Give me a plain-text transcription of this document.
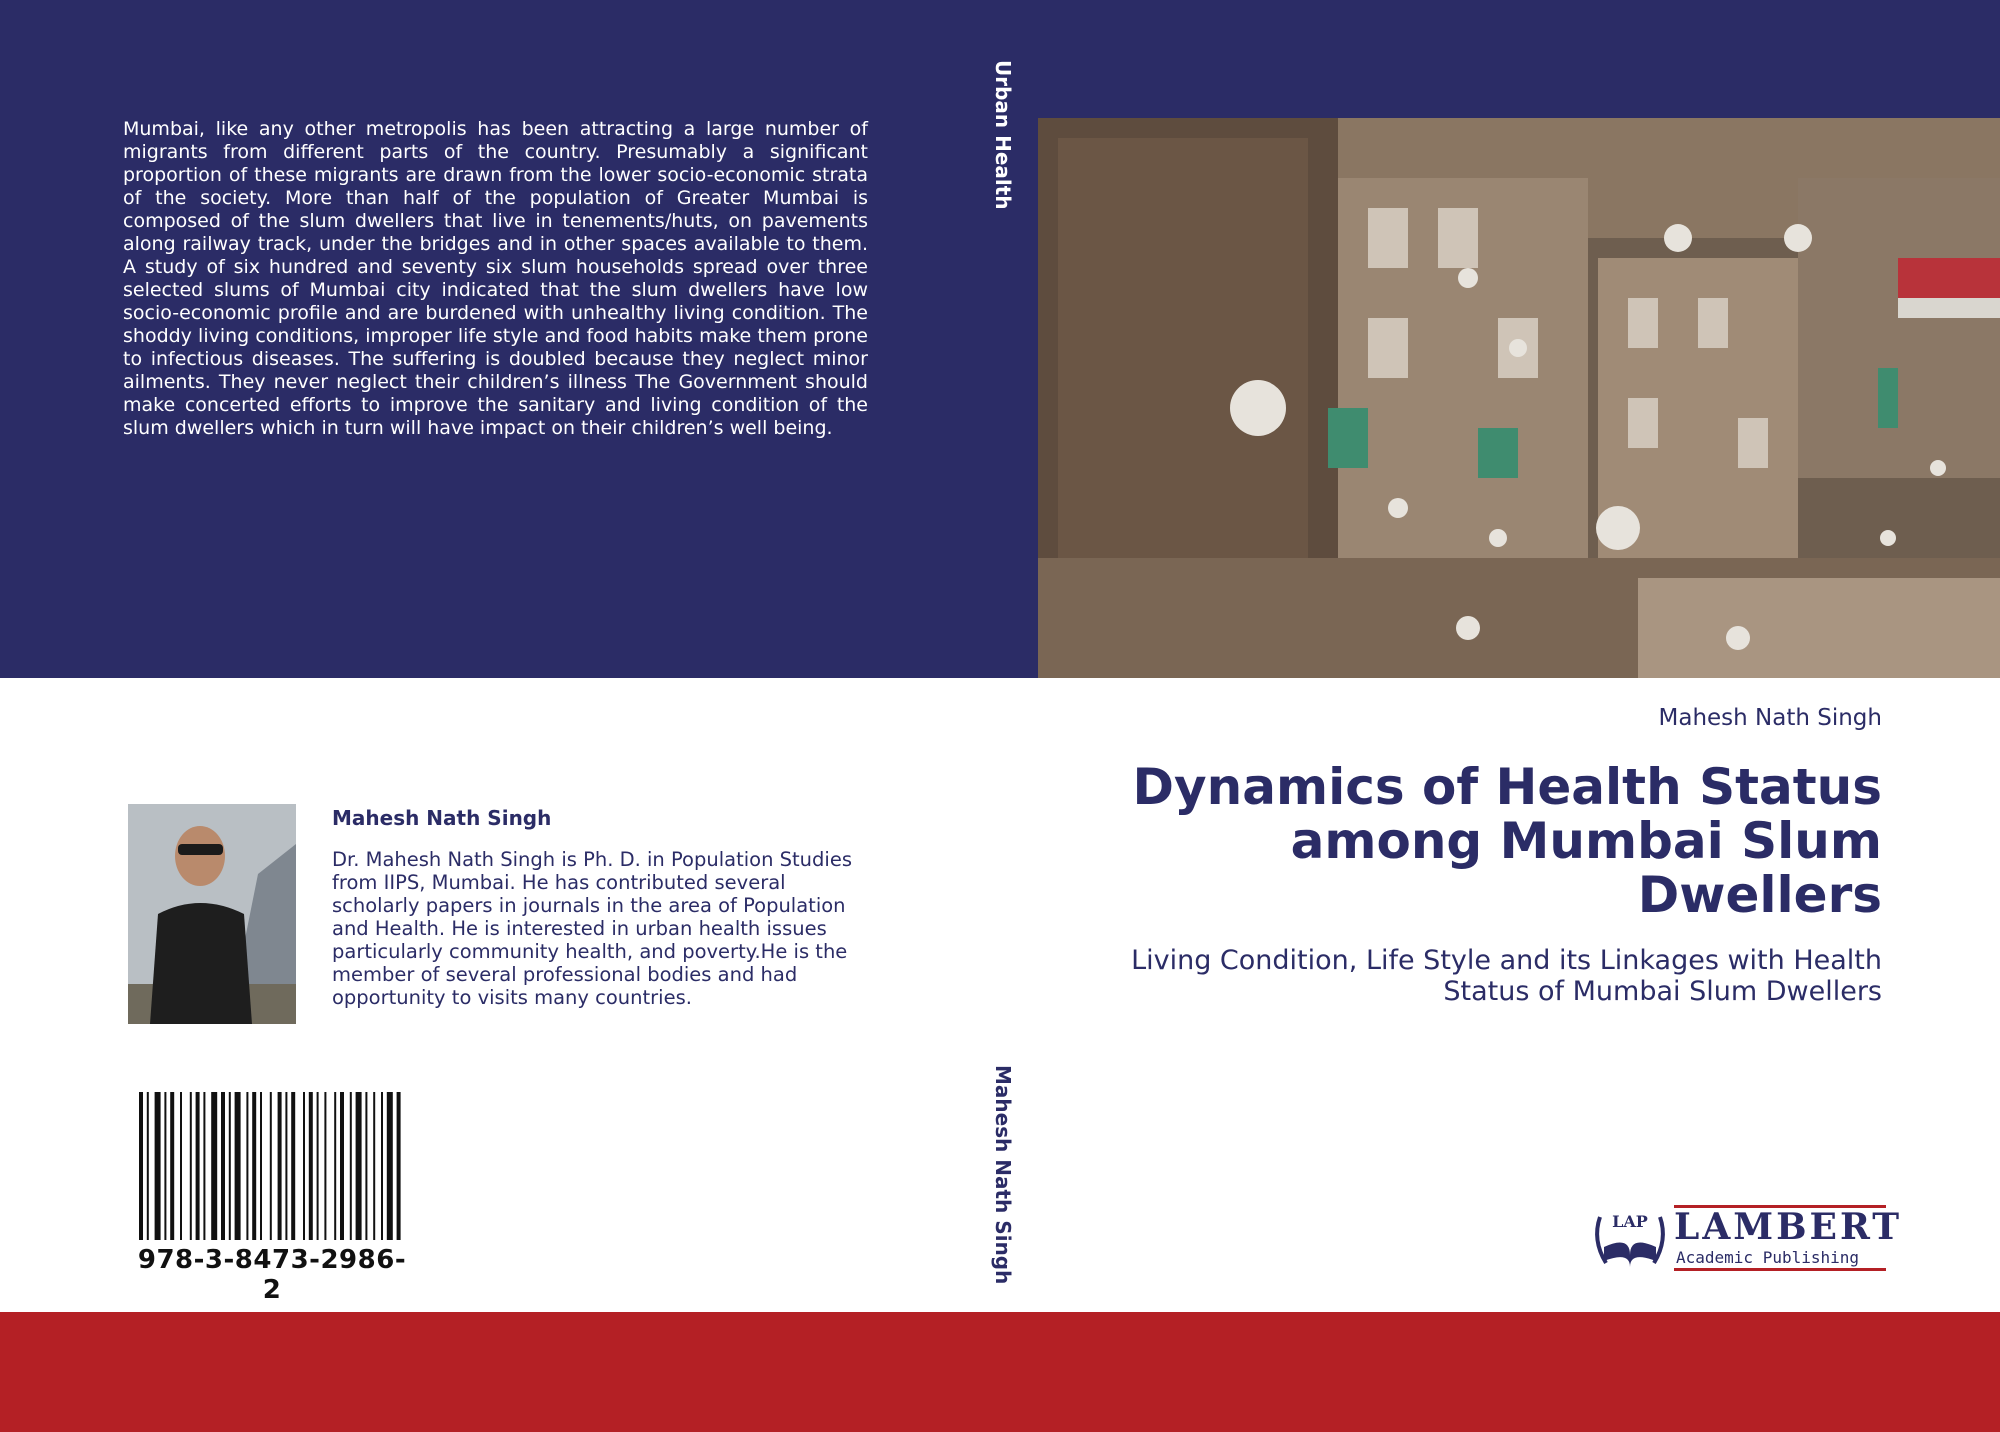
Mumbai, like any other metropolis has been attracting a large number of migrants from different parts of the country. Presumably a significant proportion of these migrants are drawn from the lower socio-economic strata of the society. More than half of the population of Greater Mumbai is composed of the slum dwellers that live in tenements/huts, on pavements along railway track, under the bridges and in other spaces available to them. A study of six hundred and seventy six slum households spread over three selected slums of Mumbai city indicated that the slum dwellers have low socio-economic profile and are burdened with unhealthy living condition. The shoddy living conditions, improper life style and food habits make them prone to infectious diseases. The suffering is doubled because they neglect minor ailments. They never neglect their children’s illness The Government should make concerted efforts to improve the sanitary and living condition of the slum dwellers which in turn will have impact on their children’s well being.
Urban Health
Mahesh Nath Singh
Mahesh Nath Singh
Dynamics of Health Status among Mumbai Slum Dwellers
Living Condition, Life Style and its Linkages with Health Status of Mumbai Slum Dwellers
Mahesh Nath Singh
Dr. Mahesh Nath Singh is Ph. D. in Population Studies from IIPS, Mumbai. He has contributed several scholarly papers in journals in the area of Population and Health. He is interested in urban health issues particularly community health, and poverty.He is the member of several professional bodies and had opportunity to visits many countries.
978-3-8473-2986-2
LAP LAMBERT
Academic Publishing
